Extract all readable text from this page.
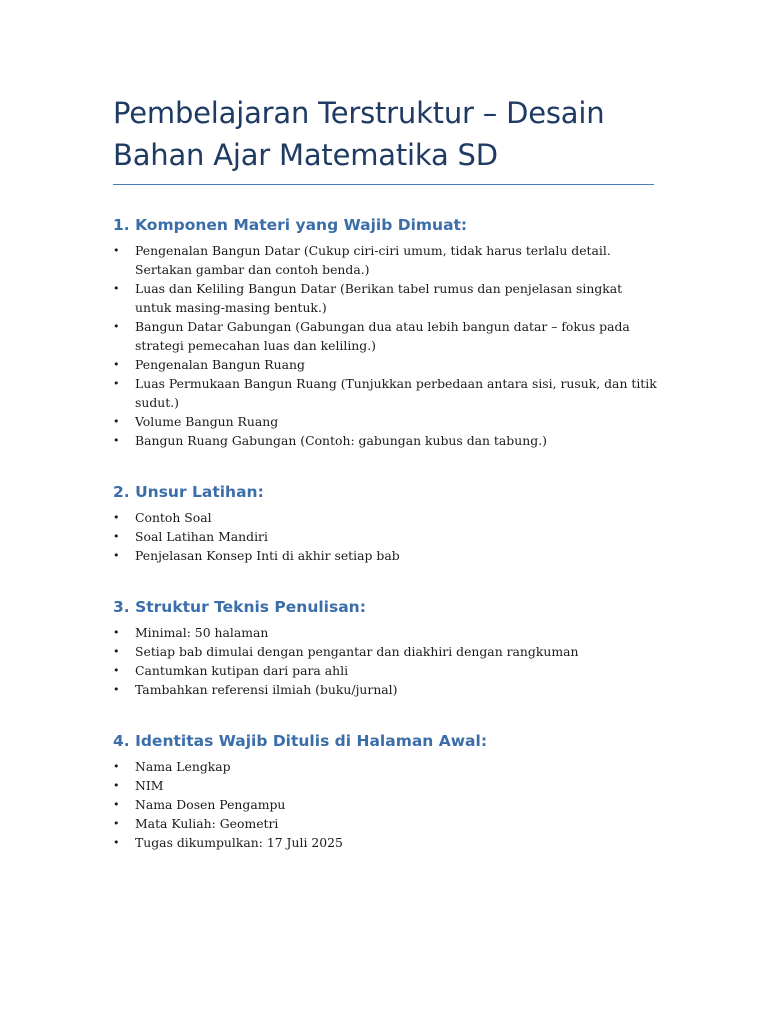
Pembelajaran Terstruktur – Desain Bahan Ajar Matematika SD
1. Komponen Materi yang Wajib Dimuat:
• Pengenalan Bangun Datar (Cukup ciri-ciri umum, tidak harus terlalu detail. Sertakan gambar dan contoh benda.)
• Luas dan Keliling Bangun Datar (Berikan tabel rumus dan penjelasan singkat untuk masing-masing bentuk.)
• Bangun Datar Gabungan (Gabungan dua atau lebih bangun datar – fokus pada strategi pemecahan luas dan keliling.)
• Pengenalan Bangun Ruang
• Luas Permukaan Bangun Ruang (Tunjukkan perbedaan antara sisi, rusuk, dan titik sudut.)
• Volume Bangun Ruang
• Bangun Ruang Gabungan (Contoh: gabungan kubus dan tabung.)
2. Unsur Latihan:
• Contoh Soal
• Soal Latihan Mandiri
• Penjelasan Konsep Inti di akhir setiap bab
3. Struktur Teknis Penulisan:
• Minimal: 50 halaman
• Setiap bab dimulai dengan pengantar dan diakhiri dengan rangkuman
• Cantumkan kutipan dari para ahli
• Tambahkan referensi ilmiah (buku/jurnal)
4. Identitas Wajib Ditulis di Halaman Awal:
• Nama Lengkap
• NIM
• Nama Dosen Pengampu
• Mata Kuliah: Geometri
• Tugas dikumpulkan: 17 Juli 2025
